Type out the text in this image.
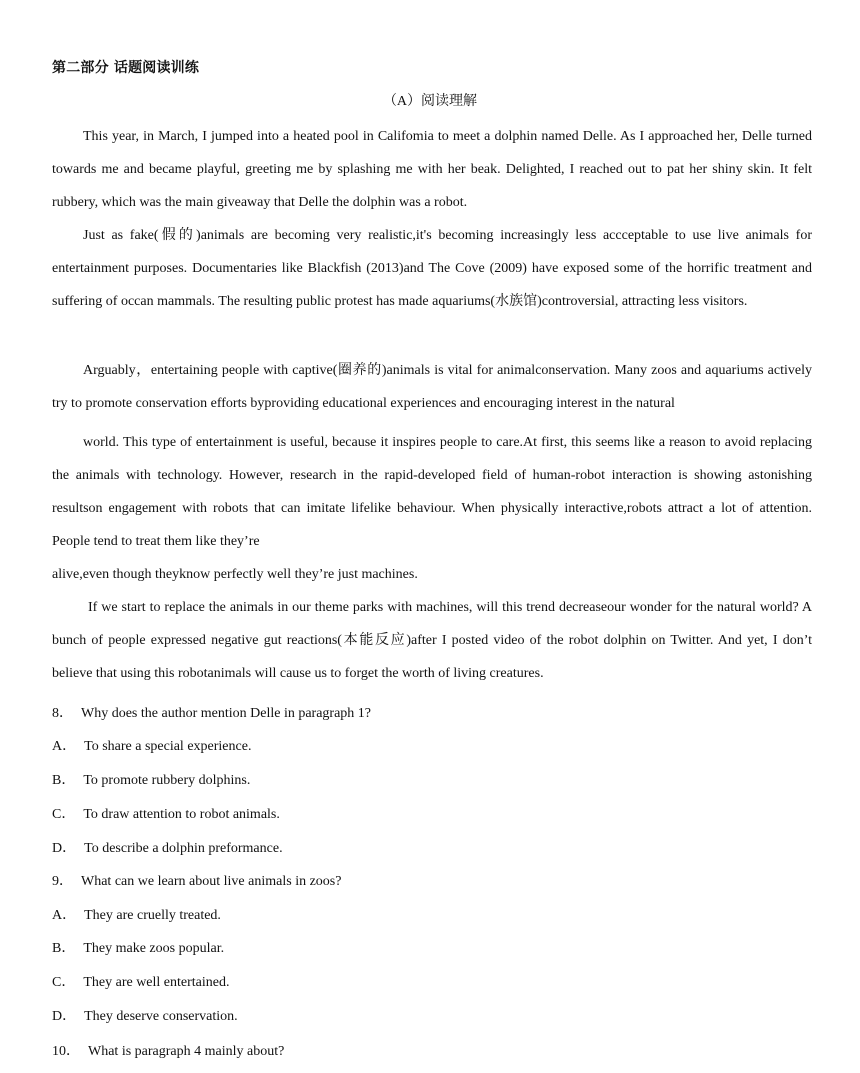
第二部分 话题阅读训练
（A）阅读理解
This year, in March, I jumped into a heated pool in Califomia to meet a dolphin named Delle. As I approached her, Delle turned towards me and became playful, greeting me by splashing me with her beak. Delighted, I reached out to pat her shiny skin. It felt rubbery, which was the main giveaway that Delle the dolphin was a robot.
Just as fake(假的)animals are becoming very realistic,it's becoming increasingly less accceptable to use live animals for entertainment purposes. Documentaries like Blackfish (2013)and The Cove (2009) have exposed some of the horrific treatment and suffering of occan mammals. The resulting public protest has made aquariums(水族馆)controversial, attracting less visitors.
Arguably，entertaining people with captive(圈养的)animals is vital for animalconservation. Many zoos and aquariums actively try to promote conservation efforts byproviding educational experiences and encouraging interest in the natural
world. This type of entertainment is useful, because it inspires people to care.At first, this seems like a reason to avoid replacing the animals with technology. However, research in the rapid-developed field of human-robot interaction is showing astonishing resultson engagement with robots that can imitate lifelike behaviour. When physically interactive,robots attract a lot of attention. People tend to treat them like they’re
alive,even though theyknow perfectly well they’re just machines.
If we start to replace the animals in our theme parks with machines, will this trend decreaseour wonder for the natural world? A bunch of people expressed negative gut reactions(本能反应)after I posted video of the robot dolphin on Twitter. And yet, I don’t believe that using this robotanimals will cause us to forget the worth of living creatures.
8． Why does the author mention Delle in paragraph 1?
A． To share a special experience.
B． To promote rubbery dolphins.
C． To draw attention to robot animals.
D． To describe a dolphin preformance.
9． What can we learn about live animals in zoos?
A． They are cruelly treated.
B． They make zoos popular.
C． They are well entertained.
D． They deserve conservation.
10． What is paragraph 4 mainly about?
